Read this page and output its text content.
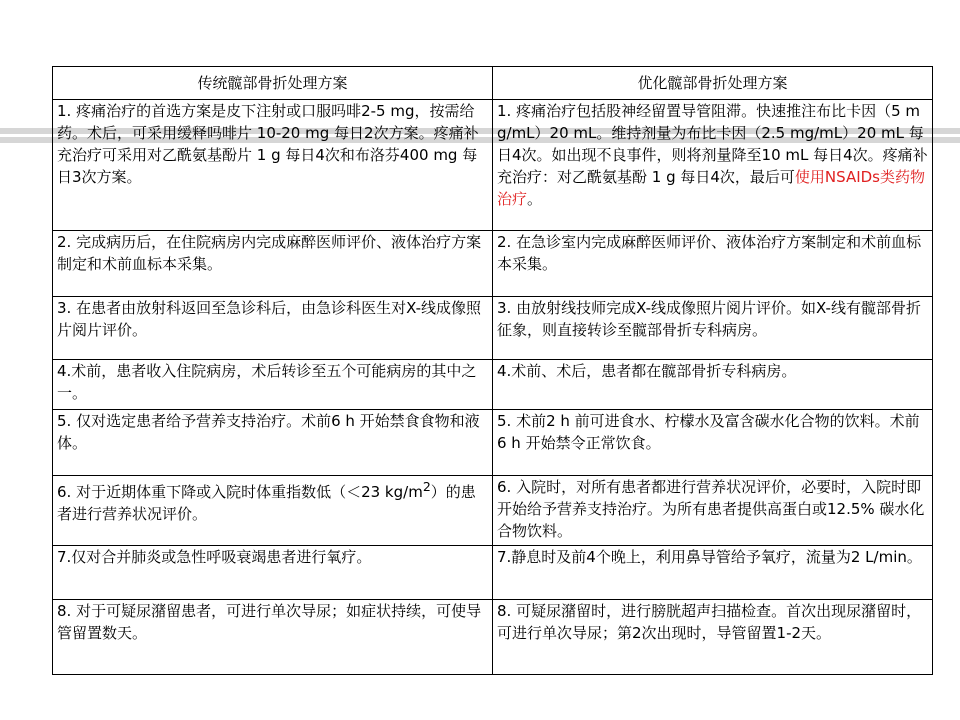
传统髋部骨折处理方案	优化髋部骨折处理方案
1. 疼痛治疗的首选方案是皮下注射或口服吗啡2-5 mg，按需给药。术后，可采用缓释吗啡片 10-20 mg 每日2次方案。疼痛补充治疗可采用对乙酰氨基酚片 1 g 每日4次和布洛芬400 mg 每日3次方案。	1. 疼痛治疗包括股神经留置导管阻滞。快速推注布比卡因（5 mg/mL）20 mL。维持剂量为布比卡因（2.5 mg/mL）20 mL 每日4次。如出现不良事件，则将剂量降至10 mL 每日4次。疼痛补充治疗：对乙酰氨基酚 1 g 每日4次，最后可使用NSAIDs类药物治疗。
2. 完成病历后，在住院病房内完成麻醉医师评价、液体治疗方案制定和术前血标本采集。	2. 在急诊室内完成麻醉医师评价、液体治疗方案制定和术前血标本采集。
3. 在患者由放射科返回至急诊科后，由急诊科医生对X-线成像照片阅片评价。	3. 由放射线技师完成X-线成像照片阅片评价。如X-线有髋部骨折征象，则直接转诊至髋部骨折专科病房。
4.术前，患者收入住院病房，术后转诊至五个可能病房的其中之一。	4.术前、术后，患者都在髋部骨折专科病房。
5. 仅对选定患者给予营养支持治疗。术前6 h 开始禁食食物和液体。	5. 术前2 h 前可进食水、柠檬水及富含碳水化合物的饮料。术前6 h 开始禁令正常饮食。
6. 对于近期体重下降或入院时体重指数低（＜23 $kg/m^2$）的患者进行营养状况评价。	6. 入院时，对所有患者都进行营养状况评价，必要时，入院时即开始给予营养支持治疗。为所有患者提供高蛋白或12.5% 碳水化合物饮料。
7.仅对合并肺炎或急性呼吸衰竭患者进行氧疗。	7.静息时及前4个晚上，利用鼻导管给予氧疗，流量为2 L/min。
8. 对于可疑尿潴留患者，可进行单次导尿；如症状持续，可使导管留置数天。	8. 可疑尿潴留时，进行膀胱超声扫描检查。首次出现尿潴留时，可进行单次导尿；第2次出现时，导管留置1-2天。
